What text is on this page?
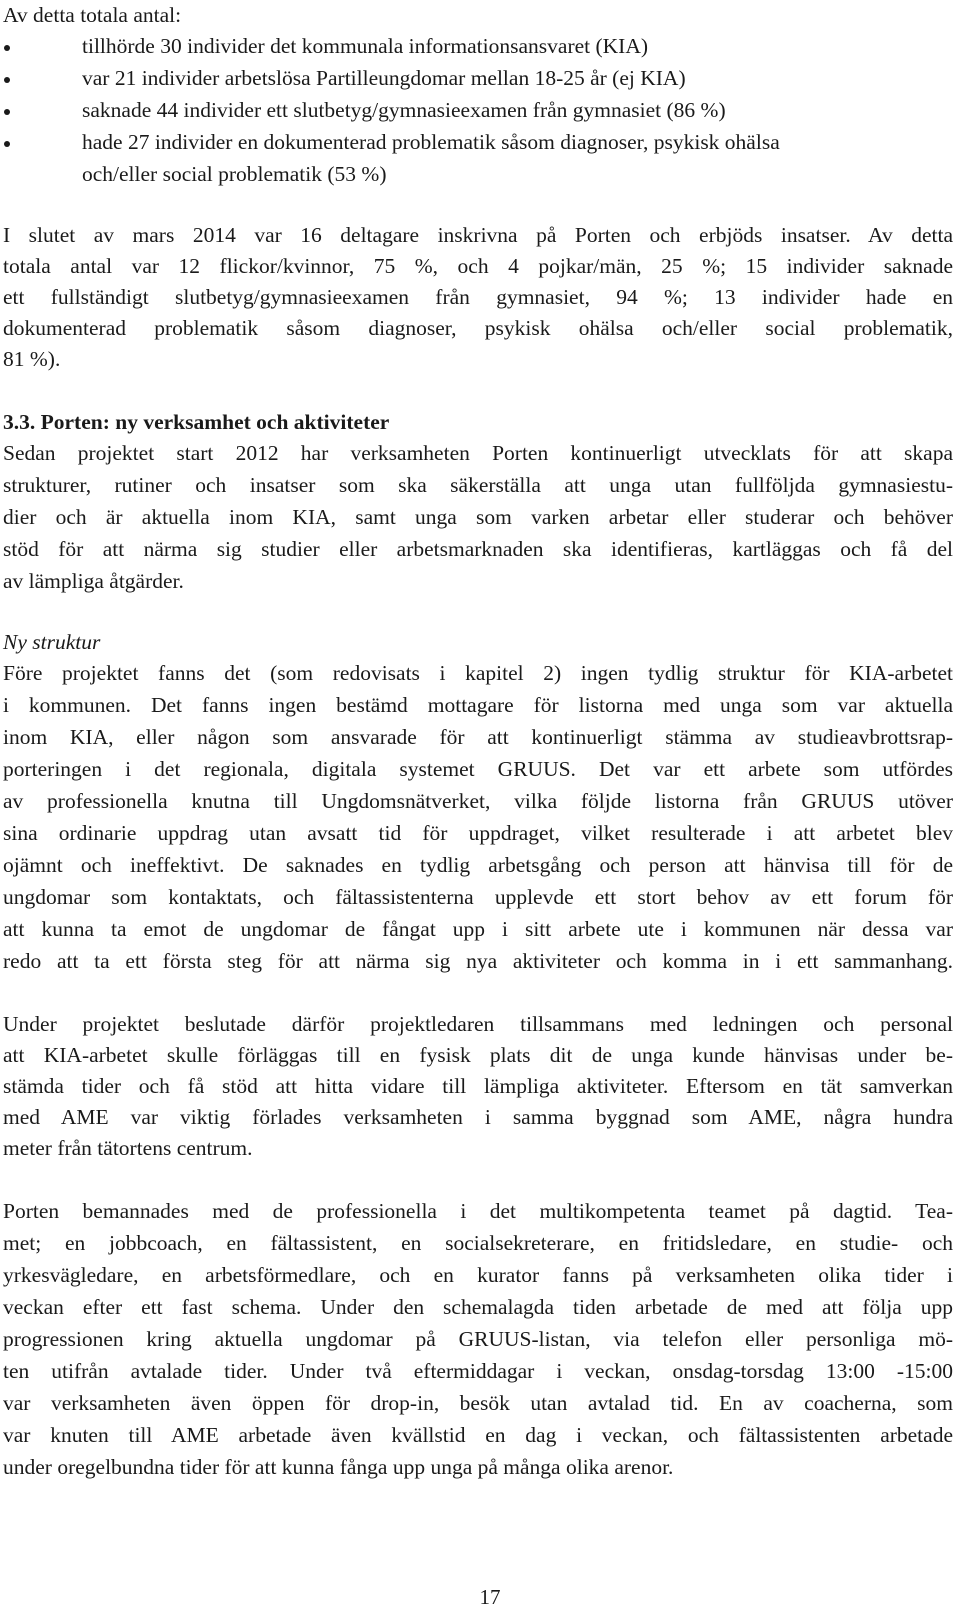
Av detta totala antal:
tillhörde 30 individer det kommunala informationsansvaret (KIA)
var 21 individer arbetslösa Partilleungdomar mellan 18-25 år (ej KIA)
saknade 44 individer ett slutbetyg/gymnasieexamen från gymnasiet (86 %)
hade 27 individer en dokumenterad problematik såsom diagnoser, psykisk ohälsa
och/eller social problematik (53 %)
I slutet av mars 2014 var 16 deltagare inskrivna på Porten och erbjöds insatser. Av detta
totala antal var 12 flickor/kvinnor, 75 %, och 4 pojkar/män, 25 %; 15 individer saknade
ett fullständigt slutbetyg/gymnasieexamen från gymnasiet, 94 %; 13 individer hade en
dokumenterad problematik såsom diagnoser, psykisk ohälsa och/eller social problematik,
81 %).
3.3. Porten: ny verksamhet och aktiviteter
Sedan projektet start 2012 har verksamheten Porten kontinuerligt utvecklats för att skapa
strukturer, rutiner och insatser som ska säkerställa att unga utan fullföljda gymnasiestu-
dier och är aktuella inom KIA, samt unga som varken arbetar eller studerar och behöver
stöd för att närma sig studier eller arbetsmarknaden ska identifieras, kartläggas och få del
av lämpliga åtgärder.
Ny struktur
Före projektet fanns det (som redovisats i kapitel 2) ingen tydlig struktur för KIA-arbetet
i kommunen. Det fanns ingen bestämd mottagare för listorna med unga som var aktuella
inom KIA, eller någon som ansvarade för att kontinuerligt stämma av studieavbrottsrap-
porteringen i det regionala, digitala systemet GRUUS. Det var ett arbete som utfördes
av professionella knutna till Ungdomsnätverket, vilka följde listorna från GRUUS utöver
sina ordinarie uppdrag utan avsatt tid för uppdraget, vilket resulterade i att arbetet blev
ojämnt och ineffektivt. De saknades en tydlig arbetsgång och person att hänvisa till för de
ungdomar som kontaktats, och fältassistenterna upplevde ett stort behov av ett forum för
att kunna ta emot de ungdomar de fångat upp i sitt arbete ute i kommunen när dessa var
redo att ta ett första steg för att närma sig nya aktiviteter och komma in i ett sammanhang.
Under projektet beslutade därför projektledaren tillsammans med ledningen och personal
att KIA-arbetet skulle förläggas till en fysisk plats dit de unga kunde hänvisas under be-
stämda tider och få stöd att hitta vidare till lämpliga aktiviteter. Eftersom en tät samverkan
med AME var viktig förlades verksamheten i samma byggnad som AME, några hundra
meter från tätortens centrum.
Porten bemannades med de professionella i det multikompetenta teamet på dagtid. Tea-
met; en jobbcoach, en fältassistent, en socialsekreterare, en fritidsledare, en studie- och
yrkesvägledare, en arbetsförmedlare, och en kurator fanns på verksamheten olika tider i
veckan efter ett fast schema. Under den schemalagda tiden arbetade de med att följa upp
progressionen kring aktuella ungdomar på GRUUS-listan, via telefon eller personliga mö-
ten utifrån avtalade tider. Under två eftermiddagar i veckan, onsdag-torsdag 13:00 -15:00
var verksamheten även öppen för drop-in, besök utan avtalad tid. En av coacherna, som
var knuten till AME arbetade även kvällstid en dag i veckan, och fältassistenten arbetade
under oregelbundna tider för att kunna fånga upp unga på många olika arenor.
17
